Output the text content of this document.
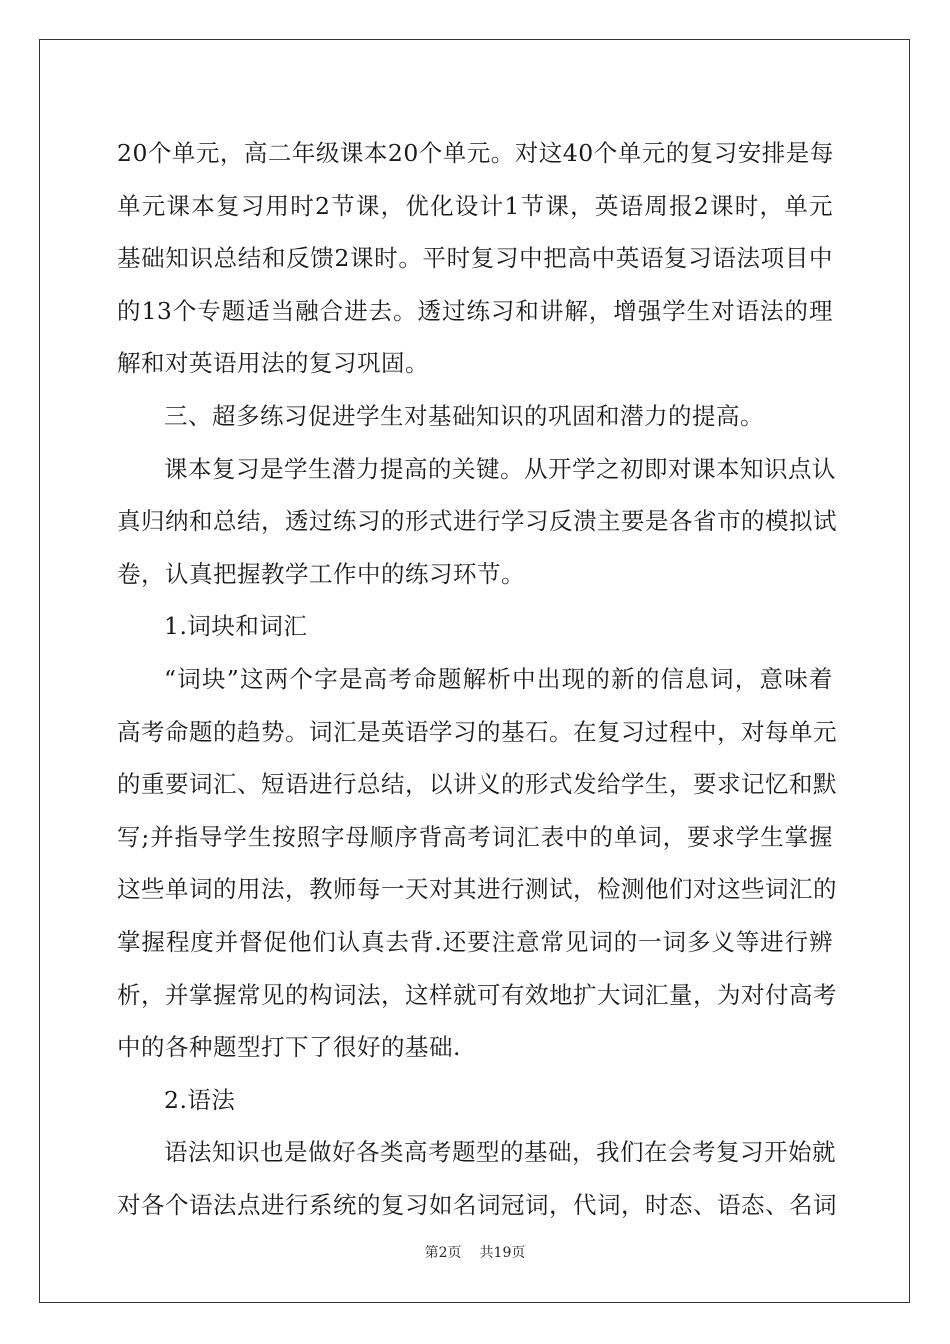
20个单元，高二年级课本20个单元。对这40个单元的复习安排是每
单元课本复习用时2节课，优化设计1节课，英语周报2课时，单元
基础知识总结和反馈2课时。平时复习中把高中英语复习语法项目中
的13个专题适当融合进去。透过练习和讲解，增强学生对语法的理
解和对英语用法的复习巩固。
三、超多练习促进学生对基础知识的巩固和潜力的提高。
课本复习是学生潜力提高的关键。从开学之初即对课本知识点认
真归纳和总结，透过练习的形式进行学习反溃主要是各省市的模拟试
卷，认真把握教学工作中的练习环节。
1.词块和词汇
“词块”这两个字是高考命题解析中出现的新的信息词，意味着
高考命题的趋势。词汇是英语学习的基石。在复习过程中，对每单元
的重要词汇、短语进行总结，以讲义的形式发给学生，要求记忆和默
写;并指导学生按照字母顺序背高考词汇表中的单词，要求学生掌握
这些单词的用法，教师每一天对其进行测试，检测他们对这些词汇的
掌握程度并督促他们认真去背.还要注意常见词的一词多义等进行辨
析，并掌握常见的构词法，这样就可有效地扩大词汇量，为对付高考
中的各种题型打下了很好的基础.
2.语法
语法知识也是做好各类高考题型的基础，我们在会考复习开始就
对各个语法点进行系统的复习如名词冠词，代词，时态、语态、名词
第2页 共19页
